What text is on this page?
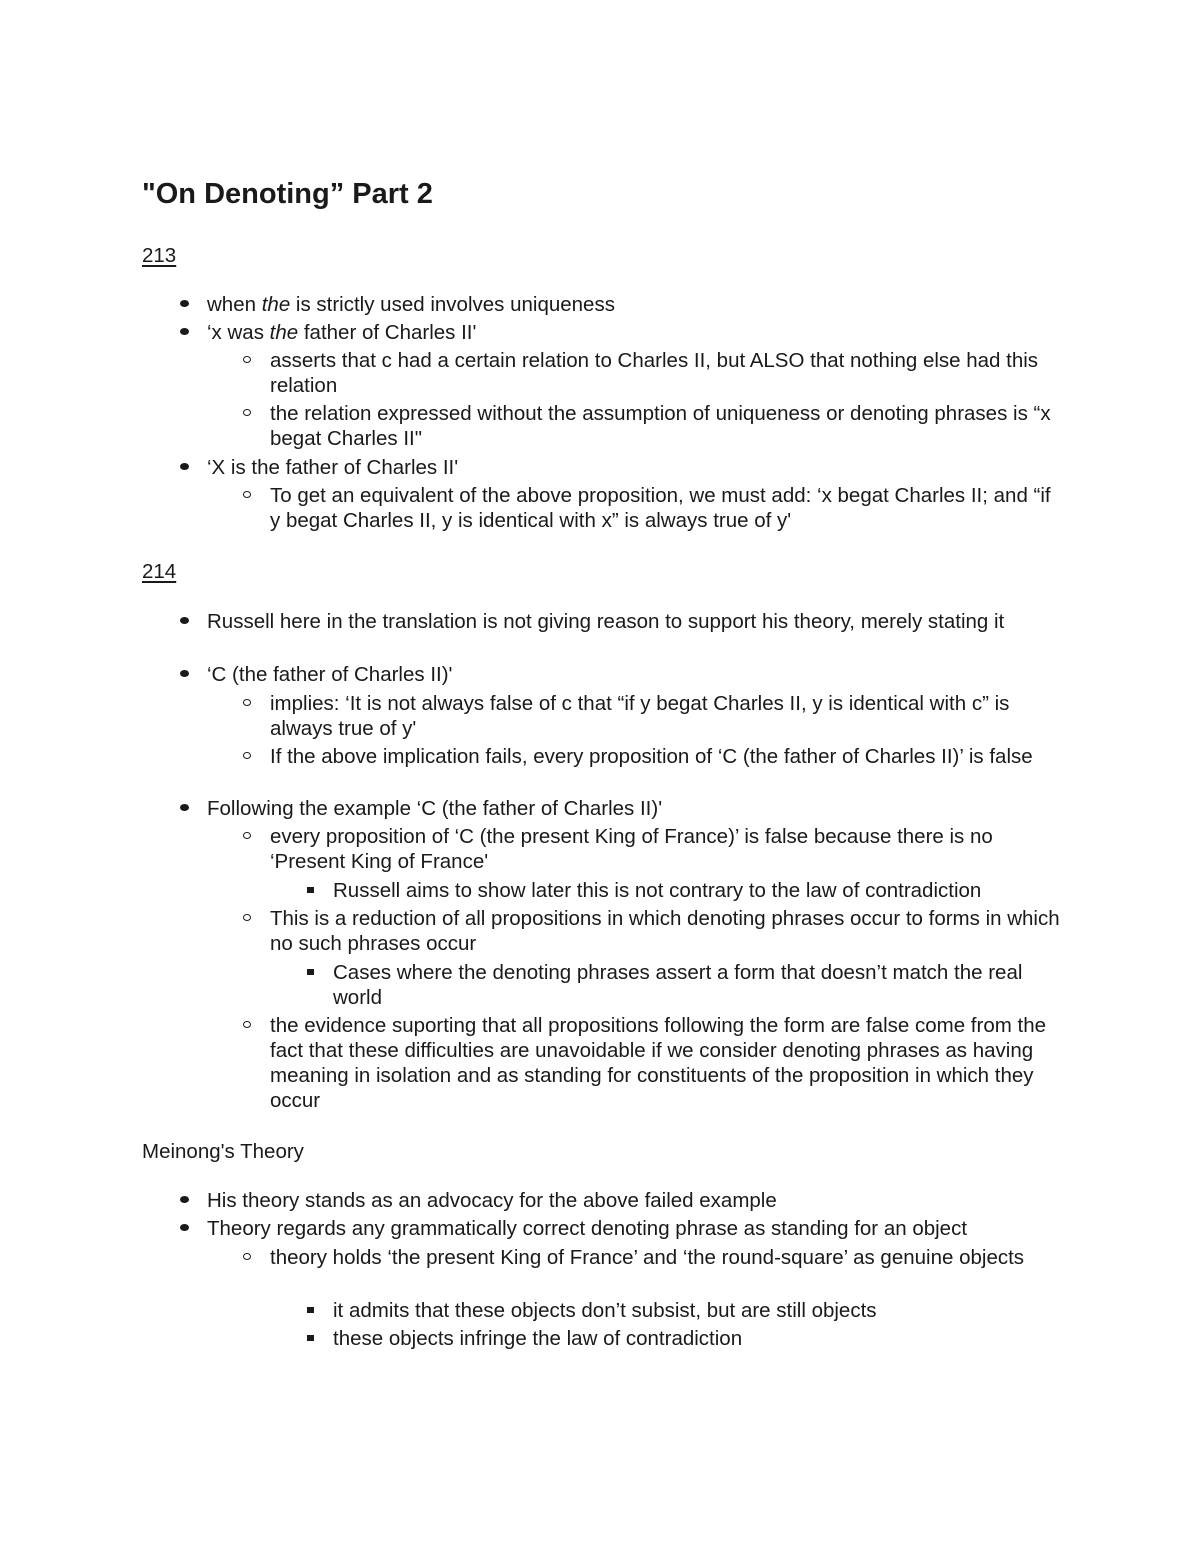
"On Denoting” Part 2
213
when the is strictly used involves uniqueness
‘x was the father of Charles II'
asserts that c had a certain relation to Charles II, but ALSO that nothing else had this relation
the relation expressed without the assumption of uniqueness or denoting phrases is “x begat Charles II"
‘X is the father of Charles II'
To get an equivalent of the above proposition, we must add: ‘x begat Charles II; and “if y begat Charles II, y is identical with x” is always true of y'
214
Russell here in the translation is not giving reason to support his theory, merely stating it
‘C (the father of Charles II)'
implies: ‘It is not always false of c that “if y begat Charles II, y is identical with c” is always true of y'
If the above implication fails, every proposition of ‘C (the father of Charles II)’ is false
Following the example ‘C (the father of Charles II)'
every proposition of ‘C (the present King of France)’ is false because there is no ‘Present King of France'
Russell aims to show later this is not contrary to the law of contradiction
This is a reduction of all propositions in which denoting phrases occur to forms in which no such phrases occur
Cases where the denoting phrases assert a form that doesn’t match the real world
the evidence suporting that all propositions following the form are false come from the fact that these difficulties are unavoidable if we consider denoting phrases as having meaning in isolation and as standing for constituents of the proposition in which they occur
Meinong's Theory
His theory stands as an advocacy for the above failed example
Theory regards any grammatically correct denoting phrase as standing for an object
theory holds ‘the present King of France’ and ‘the round-square’ as genuine objects
it admits that these objects don’t subsist, but are still objects
these objects infringe the law of contradiction
